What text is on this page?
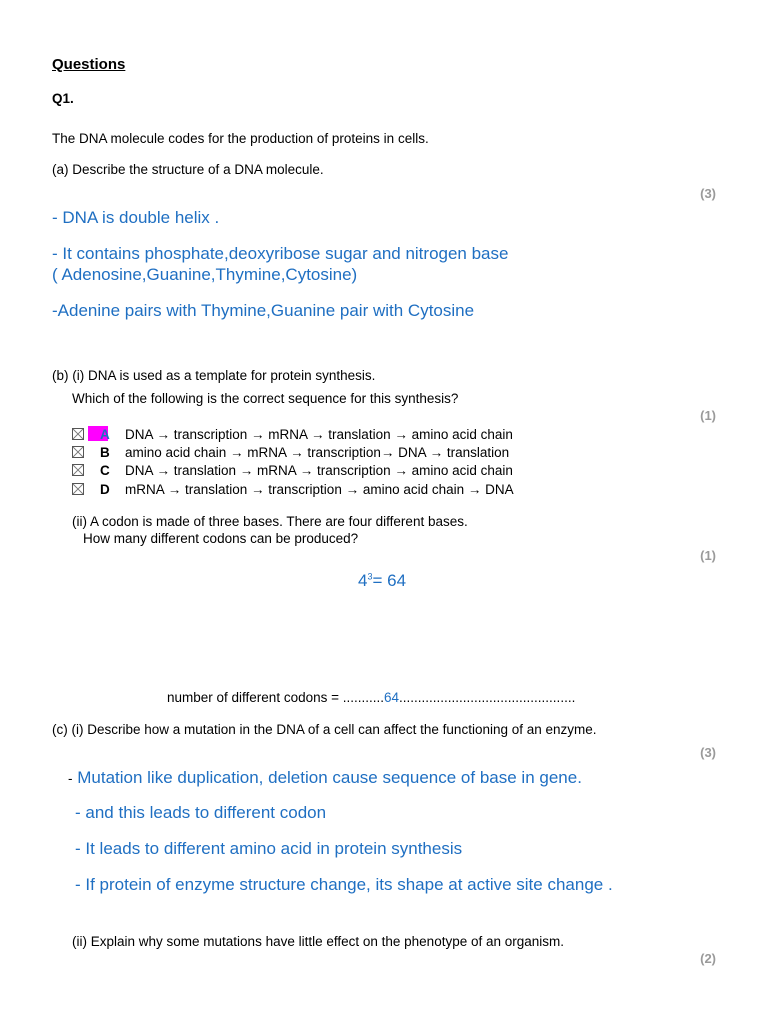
Questions
Q1.
The DNA molecule codes for the production of proteins in cells.
(a) Describe the structure of a DNA molecule.
(3)
- DNA is double helix .
- It contains phosphate,deoxyribose sugar and nitrogen base
( Adenosine,Guanine,Thymine,Cytosine)
-Adenine pairs with Thymine,Guanine pair with Cytosine
(b) (i) DNA is used as a template for protein synthesis.
Which of the following is the correct sequence for this synthesis?
(1)
A DNA → transcription → mRNA → translation → amino acid chain
B amino acid chain → mRNA → transcription→ DNA → translation
C DNA → translation → mRNA → transcription → amino acid chain
D mRNA → translation → transcription → amino acid chain → DNA
(ii) A codon is made of three bases. There are four different bases.
How many different codons can be produced?
(1)
$4^3= 64$
number of different codons = ...........64...............................................
(c) (i) Describe how a mutation in the DNA of a cell can affect the functioning of an enzyme.
(3)
- Mutation like duplication, deletion cause sequence of base in gene.
- and this leads to different codon
- It leads to different amino acid in protein synthesis
- If protein of enzyme structure change, its shape at active site change .
(ii) Explain why some mutations have little effect on the phenotype of an organism.
(2)
